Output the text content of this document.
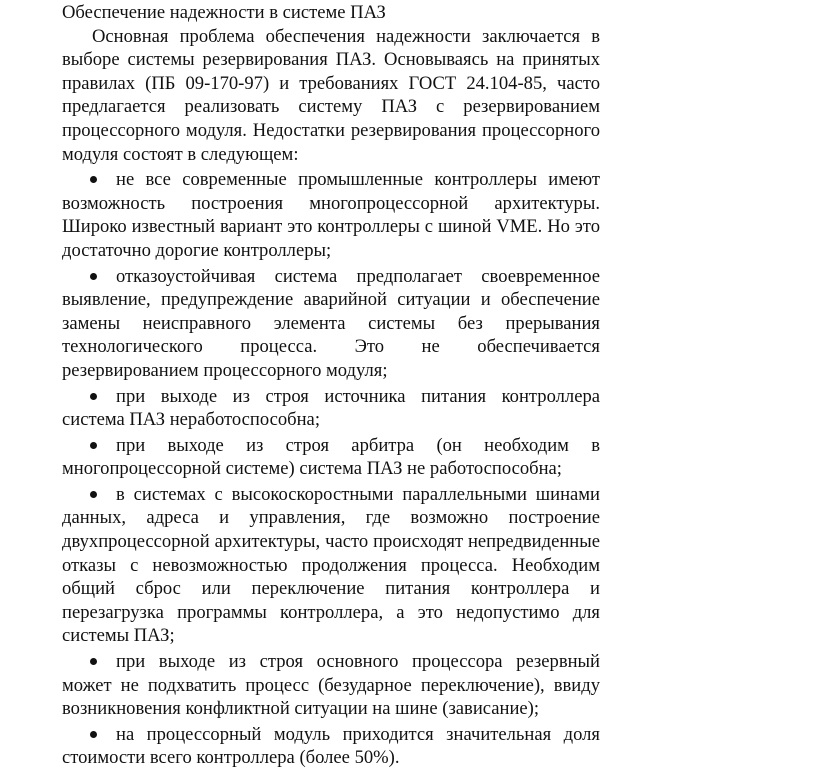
Обеспечение надежности в системе ПАЗ

Основная проблема обеспечения надежности заключается в выборе системы резервирования ПАЗ. Основываясь на принятых правилах (ПБ 09-170-97) и требованиях ГОСТ 24.104-85, часто предлагается реализовать систему ПАЗ с резервированием процессорного модуля. Недостатки резервирования процессорного модуля состоят в следующем:

не все современные промышленные контроллеры имеют возможность построения многопроцессорной архитектуры. Широко известный вариант это контроллеры с шиной VME. Но это достаточно дорогие контроллеры;
отказоустойчивая система предполагает своевременное выявление, предупреждение аварийной ситуации и обеспечение замены неисправного элемента системы без прерывания технологического процесса. Это не обеспечивается резервированием процессорного модуля;
при выходе из строя источника питания контроллера система ПАЗ неработоспособна;
при выходе из строя арбитра (он необходим в многопроцессорной системе) система ПАЗ не работоспособна;
в системах с высокоскоростными параллельными шинами данных, адреса и управления, где возможно построение двухпроцессорной архитектуры, часто происходят непредвиденные отказы с невозможностью продолжения процесса. Необходим общий сброс или переключение питания контроллера и перезагрузка программы контроллера, а это недопустимо для системы ПАЗ;
при выходе из строя основного процессора резервный может не подхватить процесс (безударное переключение), ввиду возникновения конфликтной ситуации на шине (зависание);
на процессорный модуль приходится значительная доля стоимости всего контроллера (более 50%).
